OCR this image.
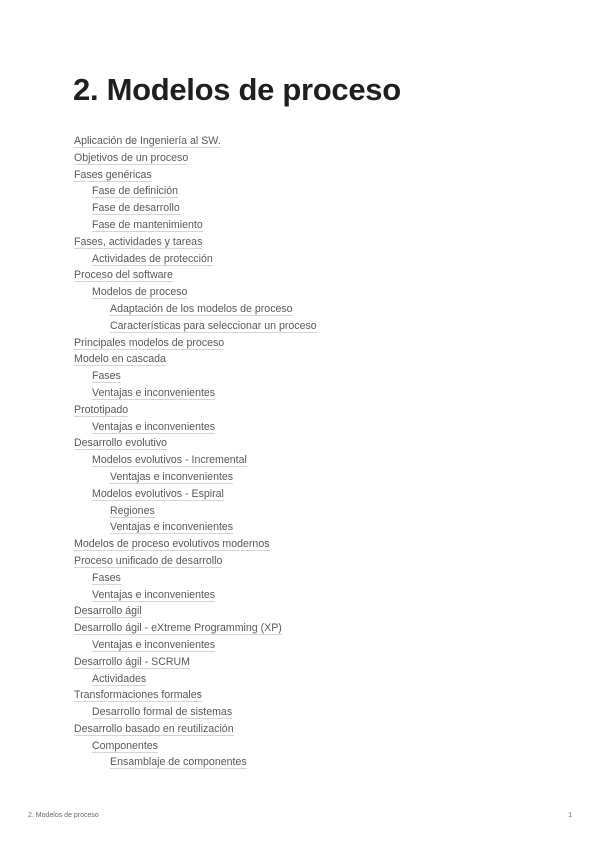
2. Modelos de proceso
Aplicación de Ingeniería al SW.
Objetivos de un proceso
Fases genéricas
Fase de definición
Fase de desarrollo
Fase de mantenimiento
Fases, actividades y tareas
Actividades de protección
Proceso del software
Modelos de proceso
Adaptación de los modelos de proceso
Características para seleccionar un proceso
Principales modelos de proceso
Modelo en cascada
Fases
Ventajas e inconvenientes
Prototipado
Ventajas e inconvenientes
Desarrollo evolutivo
Modelos evolutivos - Incremental
Ventajas e inconvenientes
Modelos evolutivos - Espiral
Regiones
Ventajas e inconvenientes
Modelos de proceso evolutivos modernos
Proceso unificado de desarrollo
Fases
Ventajas e inconvenientes
Desarrollo ágil
Desarrollo ágil - eXtreme Programming (XP)
Ventajas e inconvenientes
Desarrollo ágil - SCRUM
Actividades
Transformaciones formales
Desarrollo formal de sistemas
Desarrollo basado en reutilización
Componentes
Ensamblaje de componentes
2. Modelos de proceso	1
